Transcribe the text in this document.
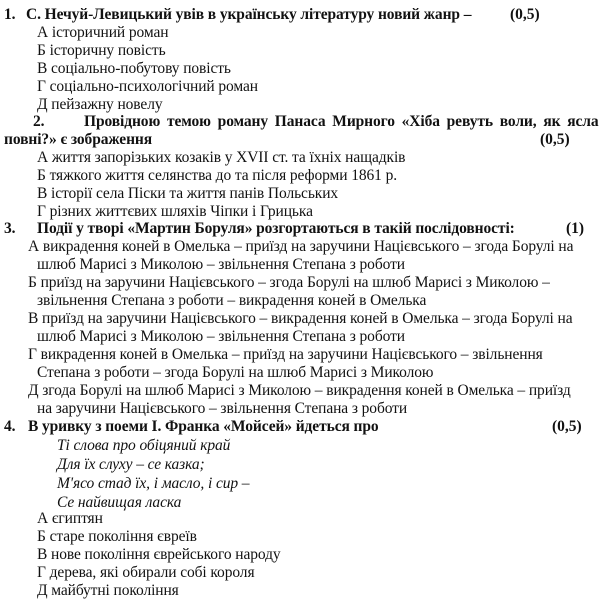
1. С. Нечуй-Левицький увів в українську літературу новий жанр – (0,5)
А історичний роман
Б історичну повість
В соціально-побутову повість
Г соціально-психологічний роман
Д пейзажну новелу
2.	Провідною темою роману Панаса Мирного «Хіба ревуть воли, як ясла
повні?» є зображення	(0,5)
А життя запорізьких козаків у XVII ст. та їхніх нащадків
Б тяжкого життя селянства до та після реформи 1861 р.
В історії села Піски та життя панів Польських
Г різних життєвих шляхів Чіпки і Грицька
3. Події у творі «Мартин Боруля» розгортаються в такій послідовності:	(1)
А викрадення коней в Омелька – приїзд на заручини Націєвського – згода Борулі на
шлюб Марисі з Миколою – звільнення Степана з роботи
Б приїзд на заручини Націєвського – згода Борулі на шлюб Марисі з Миколою –
звільнення Степана з роботи – викрадення коней в Омелька
В приїзд на заручини Націєвського – викрадення коней в Омелька – згода Борулі на
шлюб Марисі з Миколою – звільнення Степана з роботи
Г викрадення коней в Омелька – приїзд на заручини Націєвського – звільнення
Степана з роботи – згода Борулі на шлюб Марисі з Миколою
Д згода Борулі на шлюб Марисі з Миколою – викрадення коней в Омелька – приїзд
на заручини Націєвського – звільнення Степана з роботи
4. В уривку з поеми І. Франка «Мойсей» йдеться про	(0,5)
Ті слова про обіцяний край
Для їх слуху – се казка;
М'ясо стад їх, і масло, і сир –
Се найвищая ласка
А єгиптян
Б старе покоління євреїв
В нове покоління єврейського народу
Г дерева, які обирали собі короля
Д майбутні покоління
